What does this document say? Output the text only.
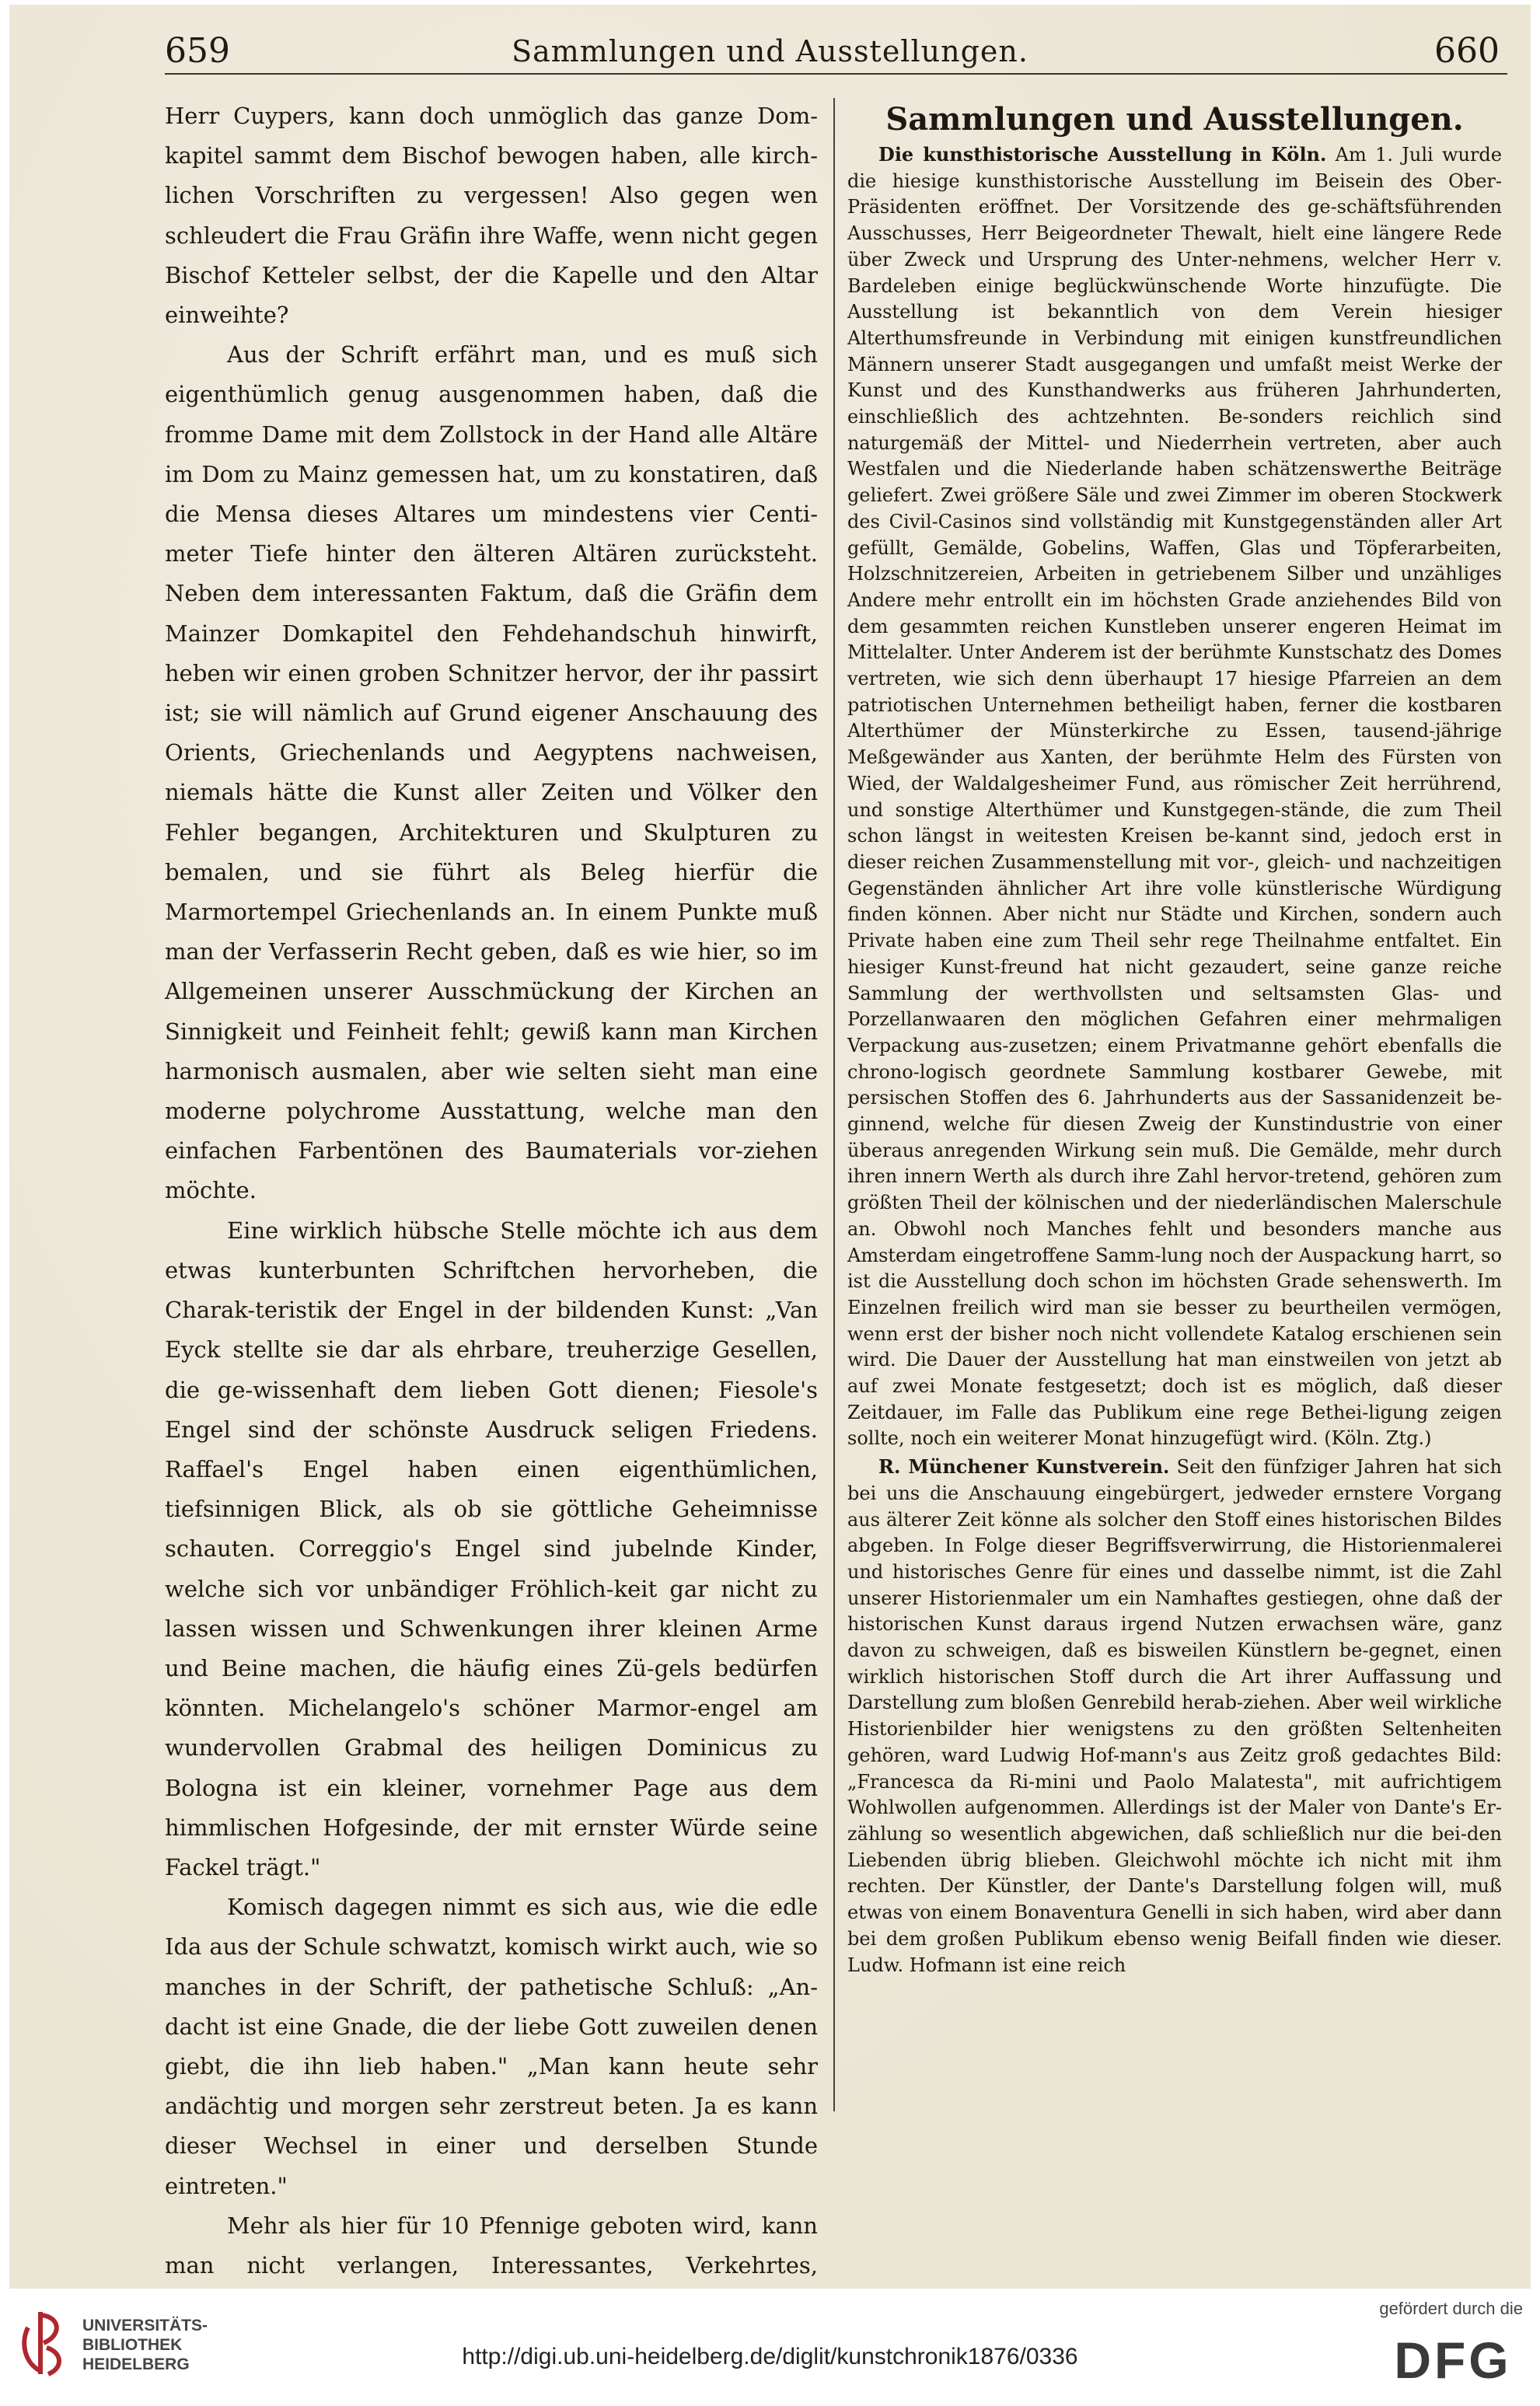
659	Sammlungen und Ausstellungen.	660

Herr Cuypers, kann doch unmöglich das ganze Dom-kapitel sammt dem Bischof bewogen haben, alle kirch-lichen Vorschriften zu vergessen! Also gegen wen schleudert die Frau Gräfin ihre Waffe, wenn nicht gegen Bischof Ketteler selbst, der die Kapelle und den Altar einweihte?

Aus der Schrift erfährt man, und es muß sich eigenthümlich genug ausgenommen haben, daß die fromme Dame mit dem Zollstock in der Hand alle Altäre im Dom zu Mainz gemessen hat, um zu konstatiren, daß die Mensa dieses Altares um mindestens vier Centi-meter Tiefe hinter den älteren Altären zurücksteht. Neben dem interessanten Faktum, daß die Gräfin dem Mainzer Domkapitel den Fehdehandschuh hinwirft, heben wir einen groben Schnitzer hervor, der ihr passirt ist; sie will nämlich auf Grund eigener Anschauung des Orients, Griechenlands und Aegyptens nachweisen, niemals hätte die Kunst aller Zeiten und Völker den Fehler begangen, Architekturen und Skulpturen zu bemalen, und sie führt als Beleg hierfür die Marmortempel Griechenlands an. In einem Punkte muß man der Verfasserin Recht geben, daß es wie hier, so im Allgemeinen unserer Ausschmückung der Kirchen an Sinnigkeit und Feinheit fehlt; gewiß kann man Kirchen harmonisch ausmalen, aber wie selten sieht man eine moderne polychrome Ausstattung, welche man den einfachen Farbentönen des Baumaterials vor-ziehen möchte.

Eine wirklich hübsche Stelle möchte ich aus dem etwas kunterbunten Schriftchen hervorheben, die Charak-teristik der Engel in der bildenden Kunst: „Van Eyck stellte sie dar als ehrbare, treuherzige Gesellen, die ge-wissenhaft dem lieben Gott dienen; Fiesole's Engel sind der schönste Ausdruck seligen Friedens. Raffael's Engel haben einen eigenthümlichen, tiefsinnigen Blick, als ob sie göttliche Geheimnisse schauten. Correggio's Engel sind jubelnde Kinder, welche sich vor unbändiger Fröhlich-keit gar nicht zu lassen wissen und Schwenkungen ihrer kleinen Arme und Beine machen, die häufig eines Zü-gels bedürfen könnten. Michelangelo's schöner Marmor-engel am wundervollen Grabmal des heiligen Dominicus zu Bologna ist ein kleiner, vornehmer Page aus dem himmlischen Hofgesinde, der mit ernster Würde seine Fackel trägt."

Komisch dagegen nimmt es sich aus, wie die edle Ida aus der Schule schwatzt, komisch wirkt auch, wie so manches in der Schrift, der pathetische Schluß: „An-dacht ist eine Gnade, die der liebe Gott zuweilen denen giebt, die ihn lieb haben." „Man kann heute sehr andächtig und morgen sehr zerstreut beten. Ja es kann dieser Wechsel in einer und derselben Stunde eintreten."

Mehr als hier für 10 Pfennige geboten wird, kann man nicht verlangen, Interessantes, Verkehrtes,

Sammlungen und Ausstellungen.

Die kunsthistorische Ausstellung in Köln. Am 1. Juli wurde die hiesige kunsthistorische Ausstellung im Beisein des Ober-Präsidenten eröffnet. Der Vorsitzende des ge-schäftsführenden Ausschusses, Herr Beigeordneter Thewalt, hielt eine längere Rede über Zweck und Ursprung des Unter-nehmens, welcher Herr v. Bardeleben einige beglückwünschende Worte hinzufügte. Die Ausstellung ist bekanntlich von dem Verein hiesiger Alterthumsfreunde in Verbindung mit einigen kunstfreundlichen Männern unserer Stadt ausgegangen und umfaßt meist Werke der Kunst und des Kunsthandwerks aus früheren Jahrhunderten, einschließlich des achtzehnten. Be-sonders reichlich sind naturgemäß der Mittel- und Niederrhein vertreten, aber auch Westfalen und die Niederlande haben schätzenswerthe Beiträge geliefert. Zwei größere Säle und zwei Zimmer im oberen Stockwerk des Civil-Casinos sind vollständig mit Kunstgegenständen aller Art gefüllt, Gemälde, Gobelins, Waffen, Glas und Töpferarbeiten, Holzschnitzereien, Arbeiten in getriebenem Silber und unzähliges Andere mehr entrollt ein im höchsten Grade anziehendes Bild von dem gesammten reichen Kunstleben unserer engeren Heimat im Mittelalter. Unter Anderem ist der berühmte Kunstschatz des Domes vertreten, wie sich denn überhaupt 17 hiesige Pfarreien an dem patriotischen Unternehmen betheiligt haben, ferner die kostbaren Alterthümer der Münsterkirche zu Essen, tausend-jährige Meßgewänder aus Xanten, der berühmte Helm des Fürsten von Wied, der Waldalgesheimer Fund, aus römischer Zeit herrührend, und sonstige Alterthümer und Kunstgegen-stände, die zum Theil schon längst in weitesten Kreisen be-kannt sind, jedoch erst in dieser reichen Zusammenstellung mit vor-, gleich- und nachzeitigen Gegenständen ähnlicher Art ihre volle künstlerische Würdigung finden können. Aber nicht nur Städte und Kirchen, sondern auch Private haben eine zum Theil sehr rege Theilnahme entfaltet. Ein hiesiger Kunst-freund hat nicht gezaudert, seine ganze reiche Sammlung der werthvollsten und seltsamsten Glas- und Porzellanwaaren den möglichen Gefahren einer mehrmaligen Verpackung aus-zusetzen; einem Privatmanne gehört ebenfalls die chrono-logisch geordnete Sammlung kostbarer Gewebe, mit persischen Stoffen des 6. Jahrhunderts aus der Sassanidenzeit be-ginnend, welche für diesen Zweig der Kunstindustrie von einer überaus anregenden Wirkung sein muß. Die Gemälde, mehr durch ihren innern Werth als durch ihre Zahl hervor-tretend, gehören zum größten Theil der kölnischen und der niederländischen Malerschule an. Obwohl noch Manches fehlt und besonders manche aus Amsterdam eingetroffene Samm-lung noch der Auspackung harrt, so ist die Ausstellung doch schon im höchsten Grade sehenswerth. Im Einzelnen freilich wird man sie besser zu beurtheilen vermögen, wenn erst der bisher noch nicht vollendete Katalog erschienen sein wird. Die Dauer der Ausstellung hat man einstweilen von jetzt ab auf zwei Monate festgesetzt; doch ist es möglich, daß dieser Zeitdauer, im Falle das Publikum eine rege Bethei-ligung zeigen sollte, noch ein weiterer Monat hinzugefügt wird. (Köln. Ztg.)

R. Münchener Kunstverein. Seit den fünfziger Jahren hat sich bei uns die Anschauung eingebürgert, jedweder ernstere Vorgang aus älterer Zeit könne als solcher den Stoff eines historischen Bildes abgeben. In Folge dieser Begriffsverwirrung, die Historienmalerei und historisches Genre für eines und dasselbe nimmt, ist die Zahl unserer Historienmaler um ein Namhaftes gestiegen, ohne daß der historischen Kunst daraus irgend Nutzen erwachsen wäre, ganz davon zu schweigen, daß es bisweilen Künstlern be-gegnet, einen wirklich historischen Stoff durch die Art ihrer Auffassung und Darstellung zum bloßen Genrebild herab-ziehen. Aber weil wirkliche Historienbilder hier wenigstens zu den größten Seltenheiten gehören, ward Ludwig Hof-mann's aus Zeitz groß gedachtes Bild: „Francesca da Ri-mini und Paolo Malatesta", mit aufrichtigem Wohlwollen aufgenommen. Allerdings ist der Maler von Dante's Er-zählung so wesentlich abgewichen, daß schließlich nur die bei-den Liebenden übrig blieben. Gleichwohl möchte ich nicht mit ihm rechten. Der Künstler, der Dante's Darstellung folgen will, muß etwas von einem Bonaventura Genelli in sich haben, wird aber dann bei dem großen Publikum ebenso wenig Beifall finden wie dieser. Ludw. Hofmann ist eine reich

UNIVERSITÄTS-
BIBLIOTHEK
HEIDELBERG	http://digi.ub.uni-heidelberg.de/diglit/kunstchronik1876/0336
gefördert durch die
DFG
